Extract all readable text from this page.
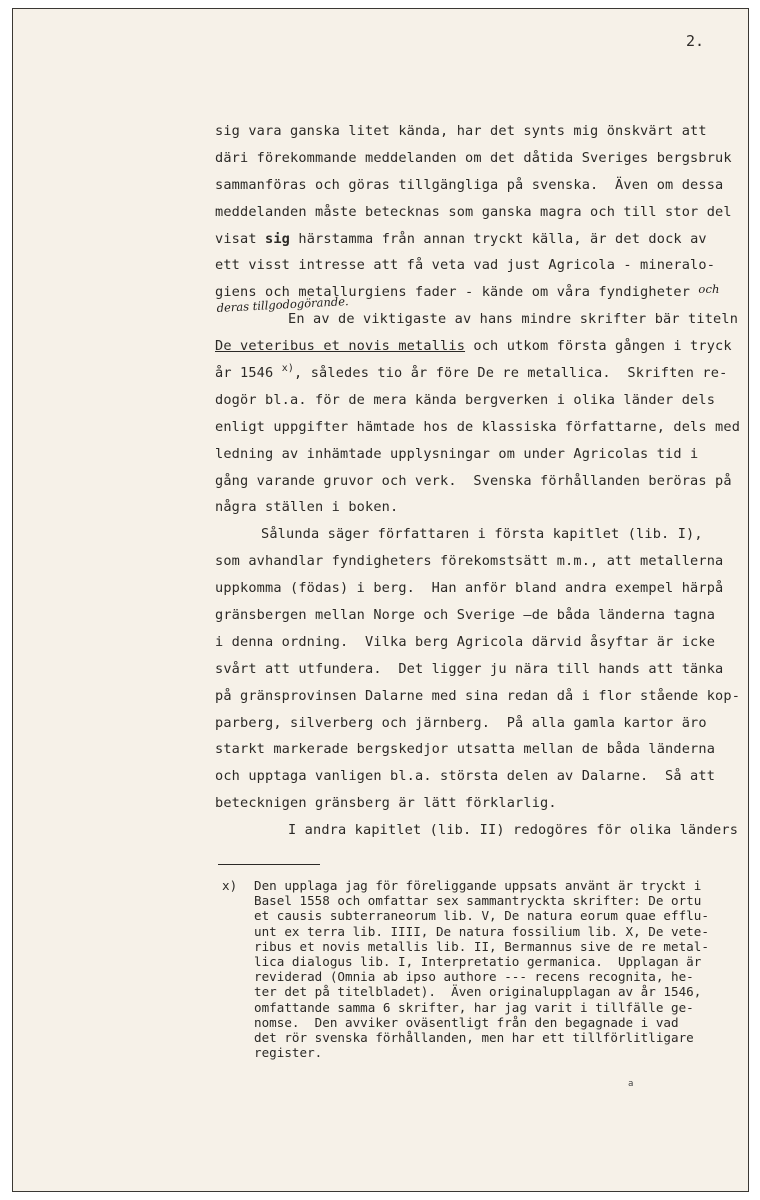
2.
sig vara ganska litet kända, har det synts mig önskvärt att
däri förekommande meddelanden om det dåtida Sveriges bergsbruk
sammanföras och göras tillgängliga på svenska.  Även om dessa
meddelanden måste betecknas som ganska magra och till stor del
visat sig härstamma från annan tryckt källa, är det dock av
ett visst intresse att få veta vad just Agricola - mineralo-
giens och metallurgiens fader - kände om våra fyndigheter $^{och}$
En av de viktigaste av hans mindre skrifter bär titeln
De veteribus et novis metallis och utkom första gången i tryck
år 1546 $^{x)}$, således tio år före De re metallica.  Skriften re-
dogör bl.a. för de mera kända bergverken i olika länder dels
enligt uppgifter hämtade hos de klassiska författarne, dels med
ledning av inhämtade upplysningar om under Agricolas tid i
gång varande gruvor och verk.  Svenska förhållanden beröras på
några ställen i boken.
Sålunda säger författaren i första kapitlet (lib. I),
som avhandlar fyndigheters förekomstsätt m.m., att metallerna
uppkomma (födas) i berg.  Han anför bland andra exempel härpå
gränsbergen mellan Norge och Sverige —de båda länderna tagna
i denna ordning.  Vilka berg Agricola därvid åsyftar är icke
svårt att utfundera.  Det ligger ju nära till hands att tänka
på gränsprovinsen Dalarne med sina redan då i flor stående kop-
parberg, silverberg och järnberg.  På alla gamla kartor äro
starkt markerade bergskedjor utsatta mellan de båda länderna
och upptaga vanligen bl.a. största delen av Dalarne.  Så att
betecknigen gränsberg är lätt förklarlig.
I andra kapitlet (lib. II) redogöres för olika länders
deras tillgodogörande.
x) Den upplaga jag för föreliggande uppsats använt är tryckt i
Basel 1558 och omfattar sex sammantryckta skrifter: De ortu
et causis subterraneorum lib. V, De natura eorum quae efflu-
unt ex terra lib. IIII, De natura fossilium lib. X, De vete-
ribus et novis metallis lib. II, Bermannus sive de re metal-
lica dialogus lib. I, Interpretatio germanica.  Upplagan är
reviderad (Omnia ab ipso authore --- recens recognita, he-
ter det på titelbladet).  Även originalupplagan av år 1546,
omfattande samma 6 skrifter, har jag varit i tillfälle ge-
nomse.  Den avviker oväsentligt från den begagnade i vad
det rör svenska förhållanden, men har ett tillförlitligare
register.
a
